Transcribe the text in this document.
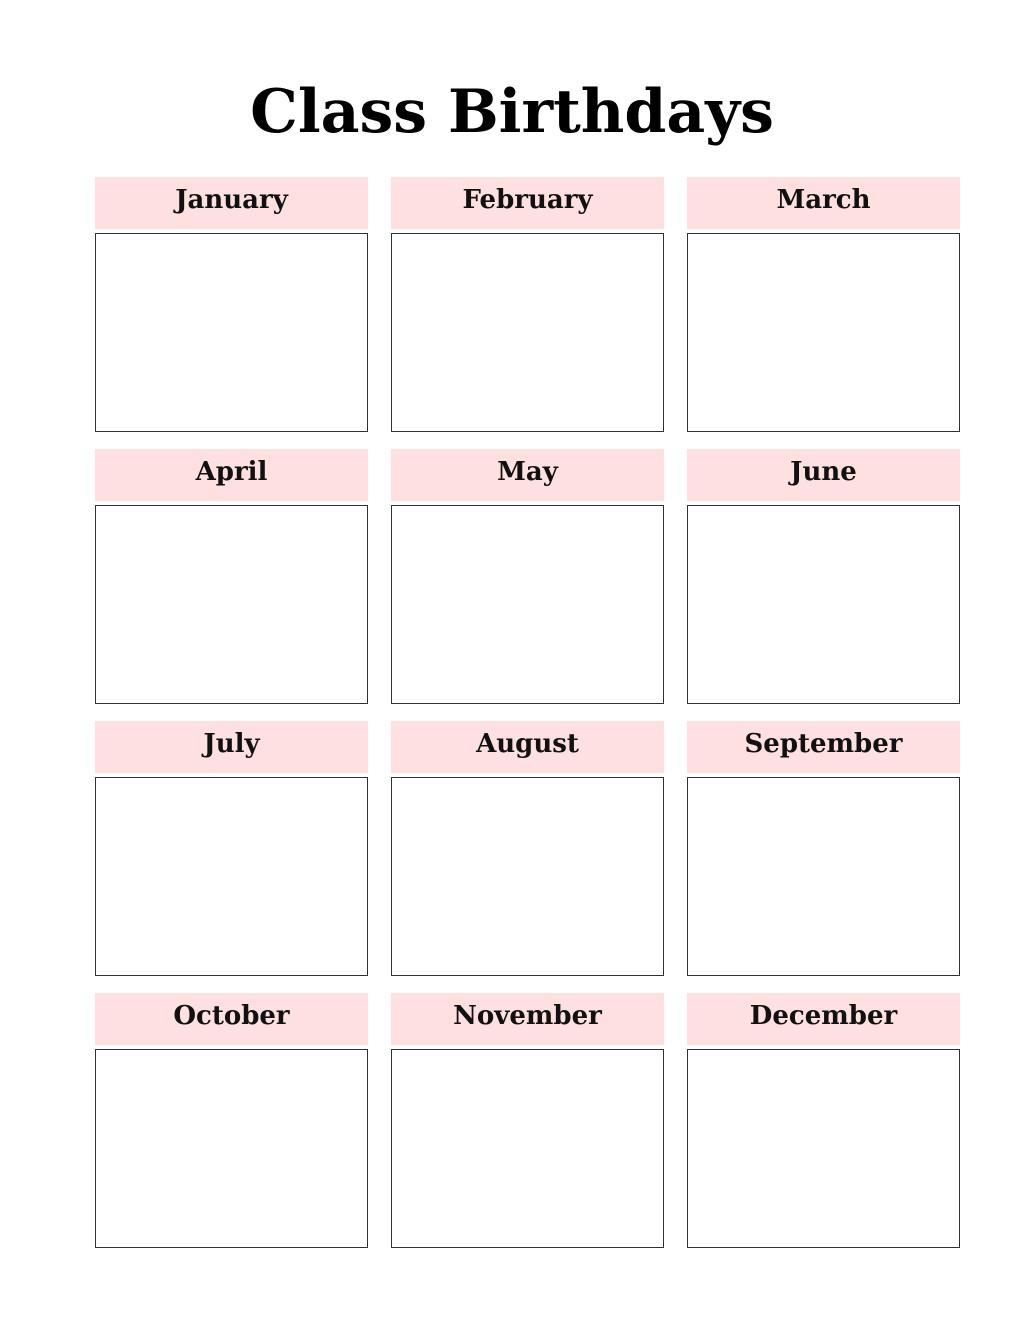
Class Birthdays
January	February	March
April	May	June
July	August	September
October	November	December
